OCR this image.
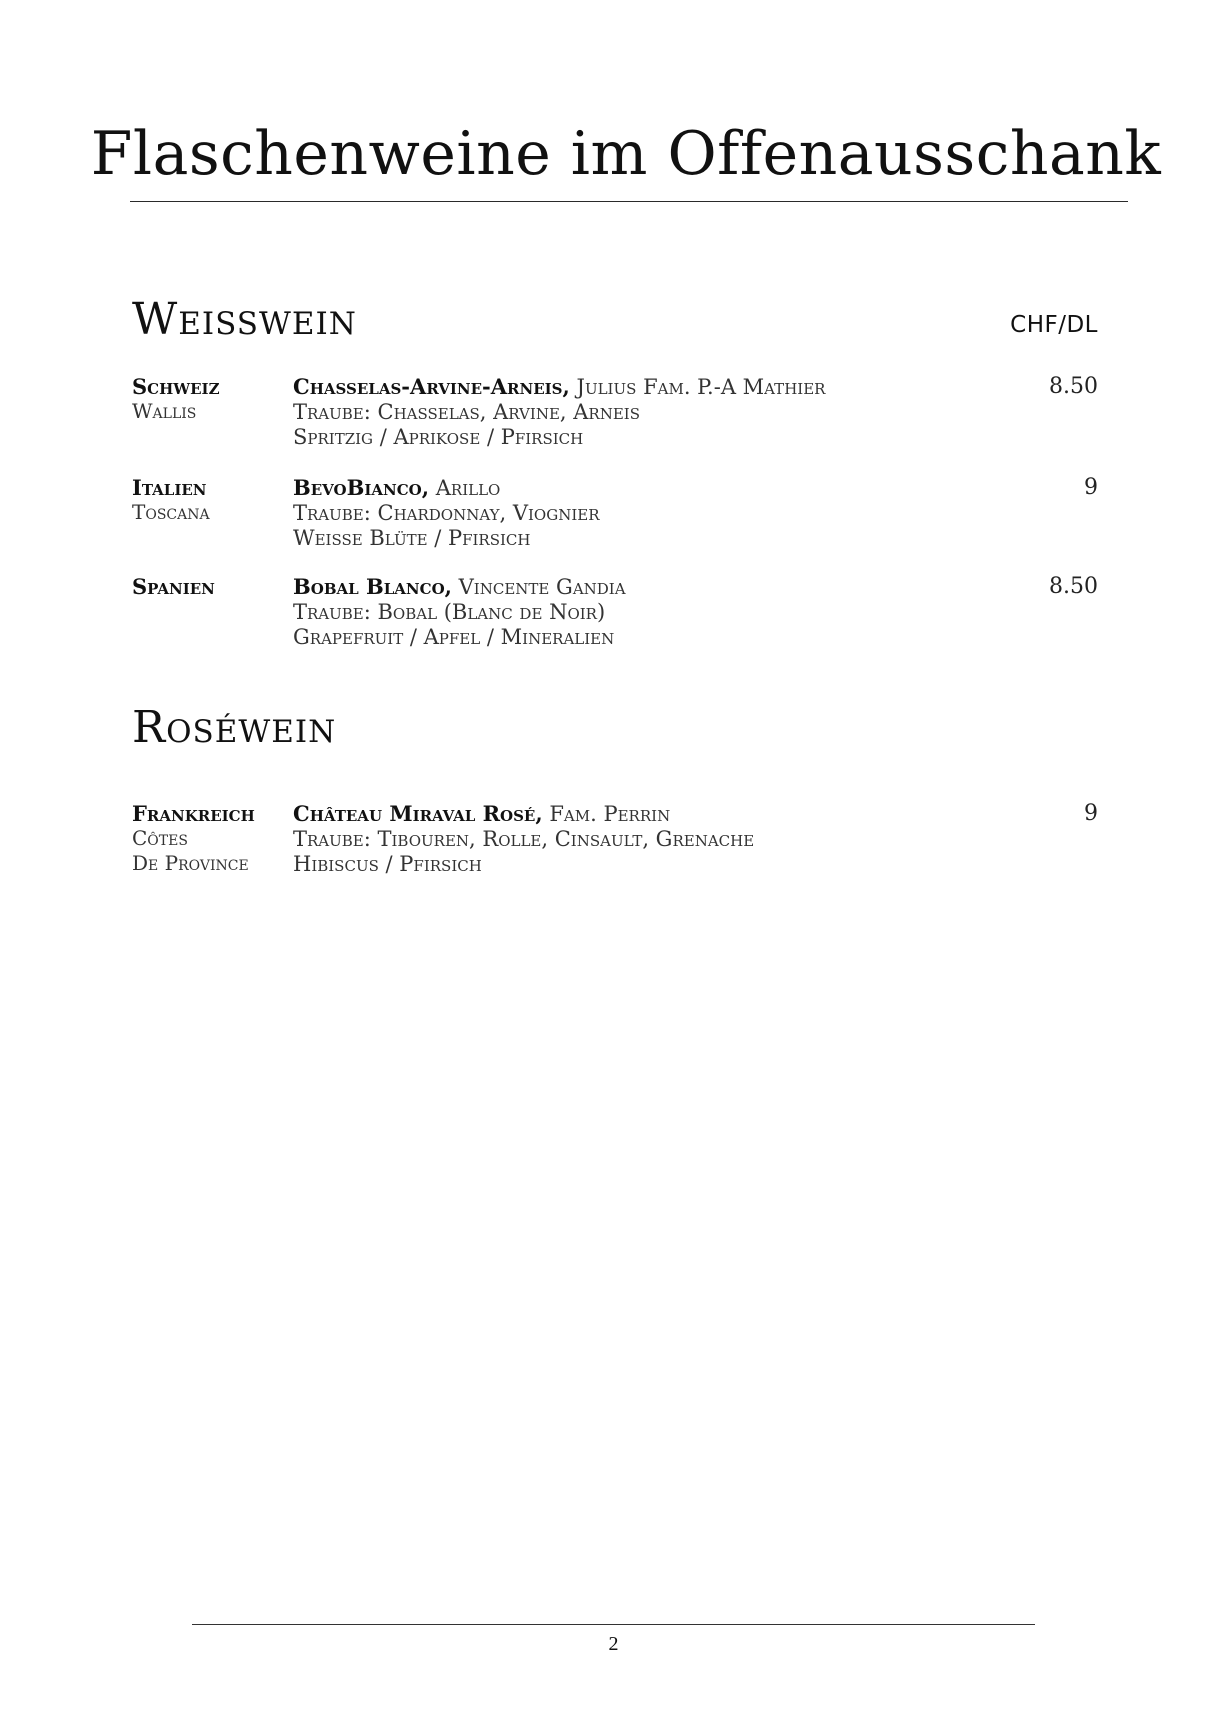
Flaschenweine im Offenausschank
Weisswein	CHF/DL
Schweiz
Wallis
Chasselas-Arvine-Arneis, Julius Fam. P.-A Mathier
Traube: Chasselas, Arvine, Arneis
Spritzig / Aprikose / Pfirsich
8.50
Italien
Toscana
BevoBianco, Arillo
Traube: Chardonnay, Viognier
Weisse Blüte / Pfirsich
9
Spanien	Bobal Blanco, Vincente Gandia
Traube: Bobal (Blanc de Noir)
Grapefruit / Apfel / Mineralien
8.50
Roséwein
Frankreich
Côtes
De Province
Château Miraval Rosé, Fam. Perrin
Traube: Tibouren, Rolle, Cinsault, Grenache
Hibiscus / Pfirsich
9
2
